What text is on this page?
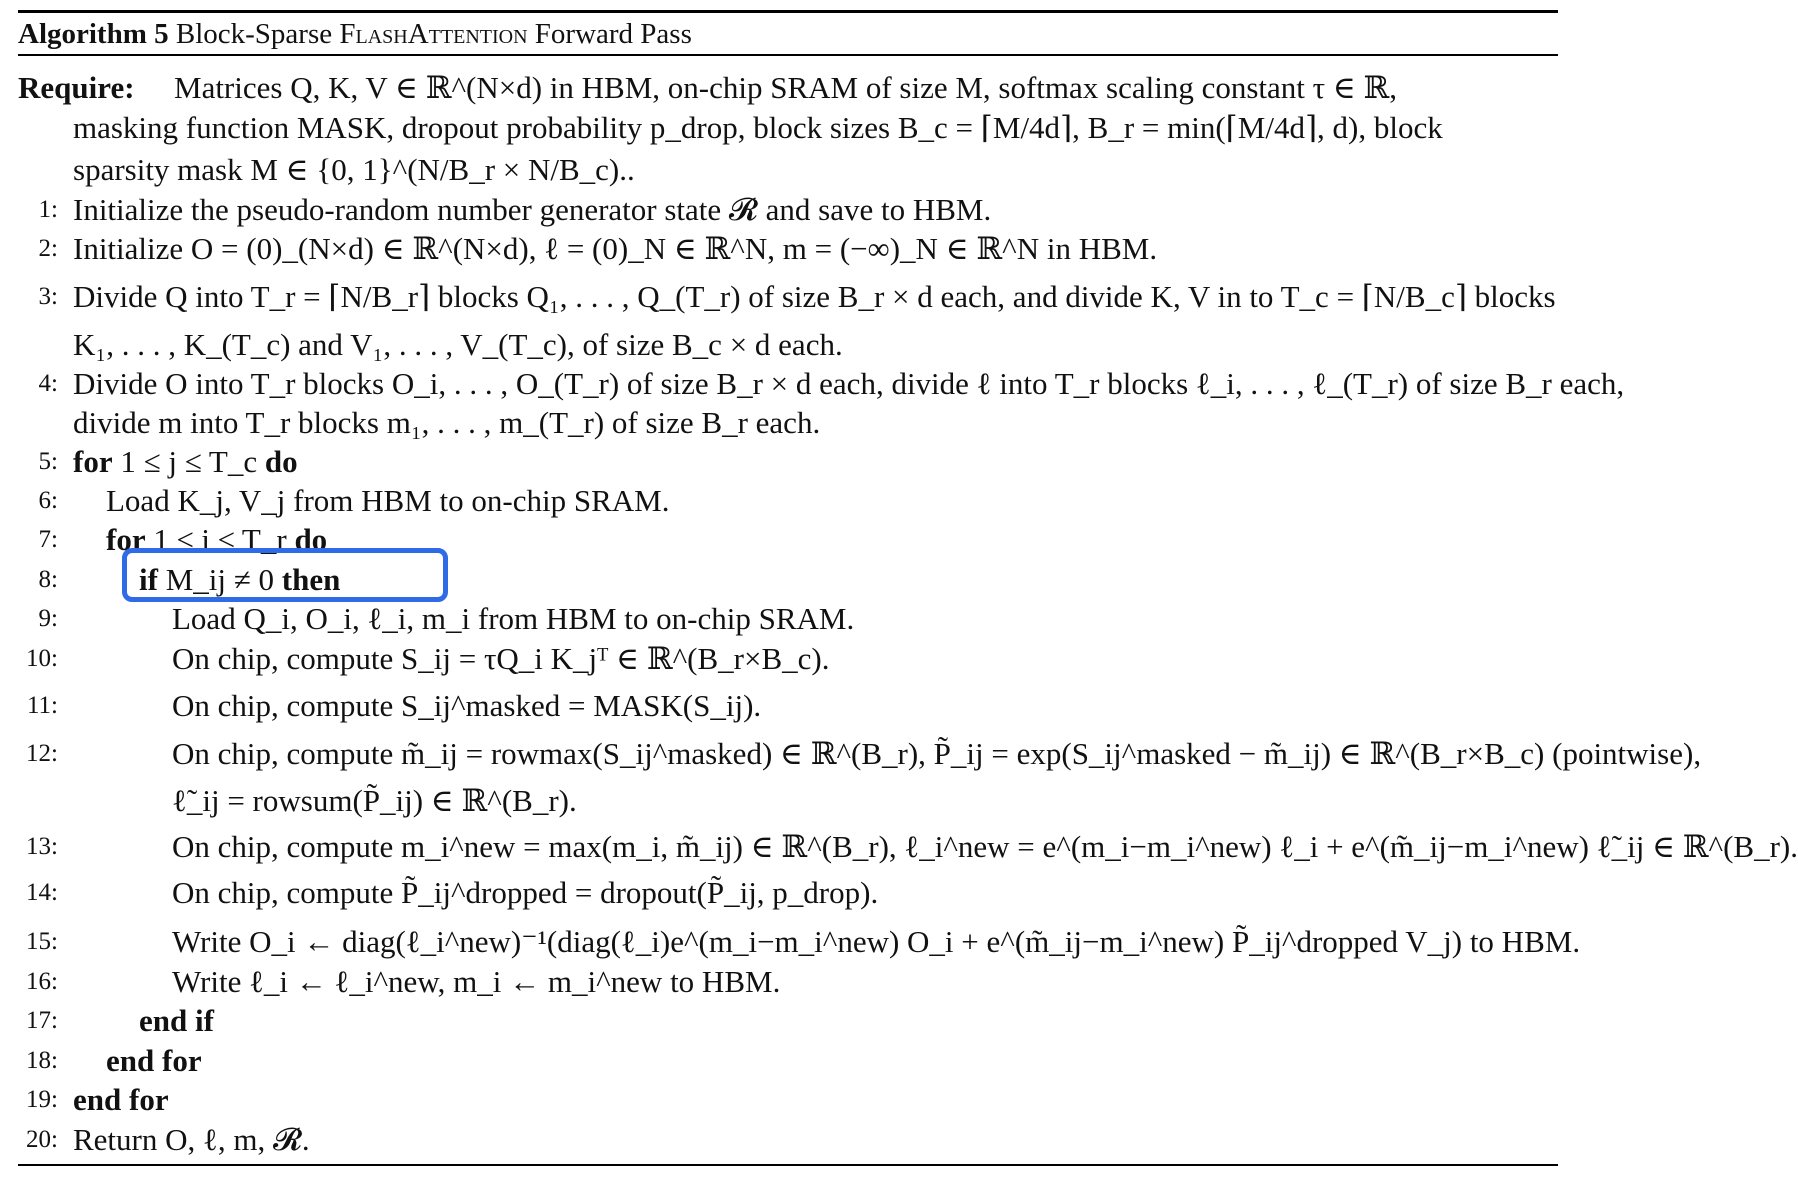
Algorithm 5 Block-Sparse FlashAttention Forward Pass
Require: Matrices Q, K, V ∈ ℝ^(N×d) in HBM, on-chip SRAM of size M, softmax scaling constant τ ∈ ℝ,
masking function MASK, dropout probability p_drop, block sizes B_c = ⌈M/4d⌉, B_r = min(⌈M/4d⌉, d), block
sparsity mask M ∈ {0, 1}^(N/B_r × N/B_c)..
1: Initialize the pseudo-random number generator state 𝓡 and save to HBM.
2: Initialize O = (0)_(N×d) ∈ ℝ^(N×d), ℓ = (0)_N ∈ ℝ^N, m = (−∞)_N ∈ ℝ^N in HBM.
3: Divide Q into T_r = ⌈N/B_r⌉ blocks Q₁, . . . , Q_(T_r) of size B_r × d each, and divide K, V in to T_c = ⌈N/B_c⌉ blocks
K₁, . . . , K_(T_c) and V₁, . . . , V_(T_c), of size B_c × d each.
4: Divide O into T_r blocks O_i, . . . , O_(T_r) of size B_r × d each, divide ℓ into T_r blocks ℓ_i, . . . , ℓ_(T_r) of size B_r each,
divide m into T_r blocks m₁, . . . , m_(T_r) of size B_r each.
5: for 1 ≤ j ≤ T_c do
6: Load K_j, V_j from HBM to on-chip SRAM.
7: for 1 ≤ i ≤ T_r do
8:	if M_ij ≠ 0 then
9:	Load Q_i, O_i, ℓ_i, m_i from HBM to on-chip SRAM.
10:	On chip, compute S_ij = τQ_i K_jᵀ ∈ ℝ^(B_r×B_c).
11:	On chip, compute S_ij^masked = MASK(S_ij).
12:	On chip, compute m̃_ij = rowmax(S_ij^masked) ∈ ℝ^(B_r), P̃_ij = exp(S_ij^masked − m̃_ij) ∈ ℝ^(B_r×B_c) (pointwise),
ℓ̃_ij = rowsum(P̃_ij) ∈ ℝ^(B_r).
13:	On chip, compute m_i^new = max(m_i, m̃_ij) ∈ ℝ^(B_r), ℓ_i^new = e^(m_i−m_i^new) ℓ_i + e^(m̃_ij−m_i^new) ℓ̃_ij ∈ ℝ^(B_r).
14:	On chip, compute P̃_ij^dropped = dropout(P̃_ij, p_drop).
15:	Write O_i ← diag(ℓ_i^new)⁻¹(diag(ℓ_i)e^(m_i−m_i^new) O_i + e^(m̃_ij−m_i^new) P̃_ij^dropped V_j) to HBM.
16:	Write ℓ_i ← ℓ_i^new, m_i ← m_i^new to HBM.
17:	end if
18: end for
19: end for
20: Return O, ℓ, m, 𝓡.
